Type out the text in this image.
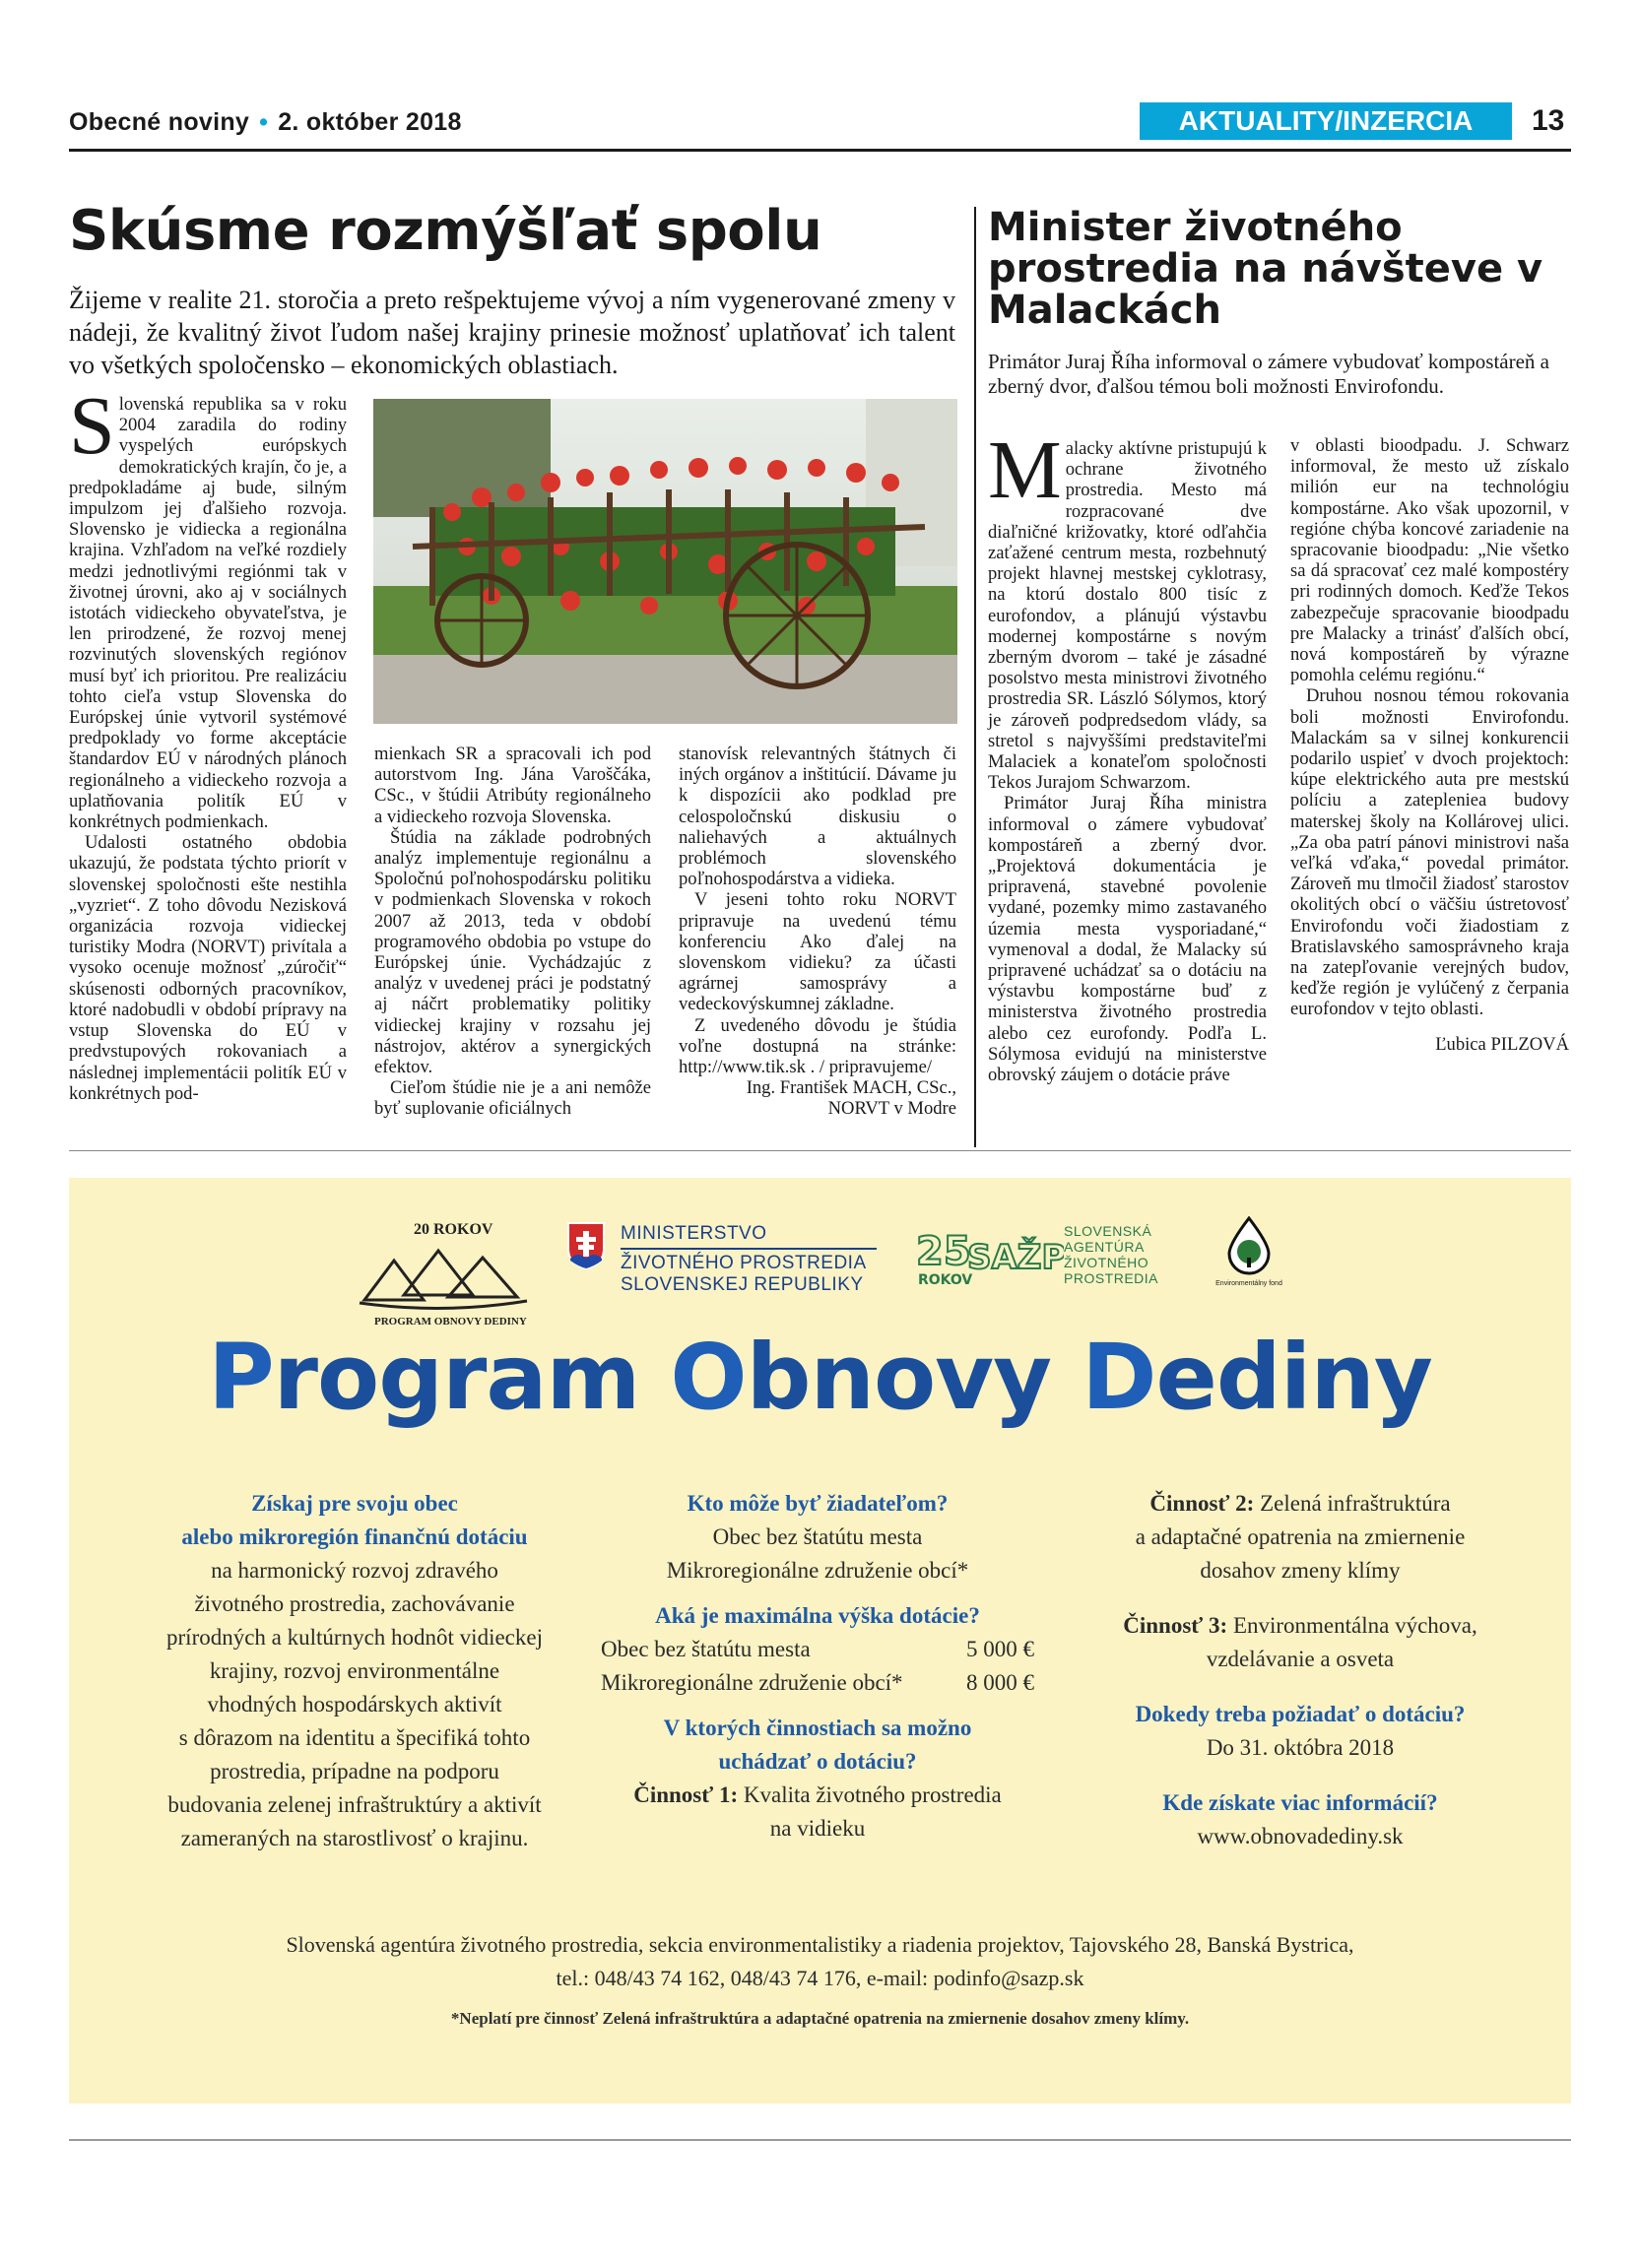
Obecné noviny • 2. október 2018	AKTUALITY/INZERCIA	13
Skúsme rozmýšľať spolu
Žijeme v realite 21. storočia a preto rešpektujeme vývoj a ním vygenerované zmeny v nádeji, že kvalitný život ľudom našej krajiny prinesie možnosť uplatňovať ich talent vo všetkých spoločensko – ekonomických oblastiach.

Slovenská republika sa v roku 2004 zaradila do rodiny vyspelých európskych demokratických krajín, čo je, a predpokladáme aj bude, silným impulzom jej ďalšieho rozvoja. Slovensko je vidiecka a regionálna krajina. Vzhľadom na veľké rozdiely medzi jednotlivými regiónmi tak v životnej úrovni, ako aj v sociálnych istotách vidieckeho obyvateľstva, je len prirodzené, že rozvoj menej rozvinutých slovenských regiónov musí byť ich prioritou. Pre realizáciu tohto cieľa vstup Slovenska do Európskej únie vytvoril systémové predpoklady vo forme akceptácie štandardov EÚ v národných plánoch regionálneho a vidieckeho rozvoja a uplatňovania politík EÚ v konkrétnych podmienkach.

Udalosti ostatného obdobia ukazujú, že podstata týchto priorít v slovenskej spoločnosti ešte nestihla „vyzriet“. Z toho dôvodu Nezisková organizácia rozvoja vidieckej turistiky Modra (NORVT) privítala a vysoko ocenuje možnosť „zúročiť“ skúsenosti odborných pracovníkov, ktoré nadobudli v období prípravy na vstup Slovenska do EÚ v predvstupových rokovaniach a následnej implementácii politík EÚ v konkrétnych pod-

mienkach SR a spracovali ich pod autorstvom Ing. Jána Varoščáka, CSc., v štúdii Atribúty regionálneho a vidieckeho rozvoja Slovenska.

Štúdia na základe podrobných analýz implementuje regionálnu a Spoločnú poľnohospodársku politiku v podmienkach Slovenska v rokoch 2007 až 2013, teda v období programového obdobia po vstupe do Európskej únie. Vychádzajúc z analýz v uvedenej práci je podstatný aj náčrt problematiky politiky vidieckej krajiny v rozsahu jej nástrojov, aktérov a synergických efektov.

Cieľom štúdie nie je a ani nemôže byť suplovanie oficiálnych

stanovísk relevantných štátnych či iných orgánov a inštitúcií. Dávame ju k dispozícii ako podklad pre celospoločnskú diskusiu o naliehavých a aktuálnych problémoch slovenského poľnohospodárstva a vidieka.

V jeseni tohto roku NORVT pripravuje na uvedenú tému konferenciu Ako ďalej na slovenskom vidieku? za účasti agrárnej samosprávy a vedeckovýskumnej základne.

Z uvedeného dôvodu je štúdia voľne dostupná na stránke: http://www.tik.sk . / pripravujeme/

Ing. František MACH, CSc.,

NORVT v Modre

Minister životného prostredia na návšteve v Malackách
Primátor Juraj Říha informoval o zámere vybudovať kompostáreň a zberný dvor, ďalšou témou boli možnosti Envirofondu.

Malacky aktívne pristupujú k ochrane životného prostredia. Mesto má rozpracované dve diaľničné križovatky, ktoré odľahčia zaťažené centrum mesta, rozbehnutý projekt hlavnej mestskej cyklotrasy, na ktorú dostalo 800 tisíc z eurofondov, a plánujú výstavbu modernej kompostárne s novým zberným dvorom – také je zásadné posolstvo mesta ministrovi životného prostredia SR. László Sólymos, ktorý je zároveň podpredsedom vlády, sa stretol s najvyššími predstaviteľmi Malaciek a konateľom spoločnosti Tekos Jurajom Schwarzom.

Primátor Juraj Říha ministra informoval o zámere vybudovať kompostáreň a zberný dvor. „Projektová dokumentácia je pripravená, stavebné povolenie vydané, pozemky mimo zastavaného územia mesta vysporiadané,“ vymenoval a dodal, že Malacky sú pripravené uchádzať sa o dotáciu na výstavbu kompostárne buď z ministerstva životného prostredia alebo cez eurofondy. Podľa L. Sólymosa evidujú na ministerstve obrovský záujem o dotácie práve

v oblasti bioodpadu. J. Schwarz informoval, že mesto už získalo milión eur na technológiu kompostárne. Ako však upozornil, v regióne chýba koncové zariadenie na spracovanie bioodpadu: „Nie všetko sa dá spracovať cez malé kompostéry pri rodinných domoch. Keďže Tekos zabezpečuje spracovanie bioodpadu pre Malacky a trinásť ďalších obcí, nová kompostáreň by výrazne pomohla celému regiónu.“

Druhou nosnou témou rokovania boli možnosti Envirofondu. Malackám sa v silnej konkurencii podarilo uspieť v dvoch projektoch: kúpe elektrického auta pre mestskú políciu a zatepleniea budovy materskej školy na Kollárovej ulici. „Za oba patrí pánovi ministrovi naša veľká vďaka,“ povedal primátor. Zároveň mu tlmočil žiadosť starostov okolitých obcí o väčšiu ústretovosť Envirofondu voči žiadostiam z Bratislavského samosprávneho kraja na zatepľovanie verejných budov, keďže región je vylúčený z čerpania eurofondov v tejto oblasti.

Ľubica PILZOVÁ

20 ROKOV
PROGRAM OBNOVY DEDINY
MINISTERSTVO
ŽIVOTNÉHO PROSTREDIA
SLOVENSKEJ REPUBLIKY
25
ROKOV
SAŽP
SLOVENSKÁ
AGENTÚRA
ŽIVOTNÉHO
PROSTREDIA	Environmentálny fond
Program Obnovy Dediny
Získaj pre svoju obec
alebo mikroregión finančnú dotáciu
na harmonický rozvoj zdravého
životného prostredia, zachovávanie
prírodných a kultúrnych hodnôt vidieckej
krajiny, rozvoj environmentálne
vhodných hospodárskych aktivít
s dôrazom na identitu a špecifiká tohto
prostredia, prípadne na podporu
budovania zelenej infraštruktúry a aktivít
zameraných na starostlivosť o krajinu.
Kto môže byť žiadateľom?
Obec bez štatútu mesta
Mikroregionálne združenie obcí*
Aká je maximálna výška dotácie?
Obec bez štatútu mesta	5 000 €
Mikroregionálne združenie obcí*	8 000 €
V ktorých činnostiach sa možno
uchádzať o dotáciu?
Činnosť 1: Kvalita životného prostredia
na vidieku
Činnosť 2: Zelená infraštruktúra
a adaptačné opatrenia na zmiernenie
dosahov zmeny klímy
Činnosť 3: Environmentálna výchova,
vzdelávanie a osveta
Dokedy treba požiadať o dotáciu?
Do 31. októbra 2018
Kde získate viac informácií?
www.obnovadediny.sk
Slovenská agentúra životného prostredia, sekcia environmentalistiky a riadenia projektov, Tajovského 28, Banská Bystrica,
tel.: 048/43 74 162, 048/43 74 176, e-mail: podinfo@sazp.sk
*Neplatí pre činnosť Zelená infraštruktúra a adaptačné opatrenia na zmiernenie dosahov zmeny klímy.
